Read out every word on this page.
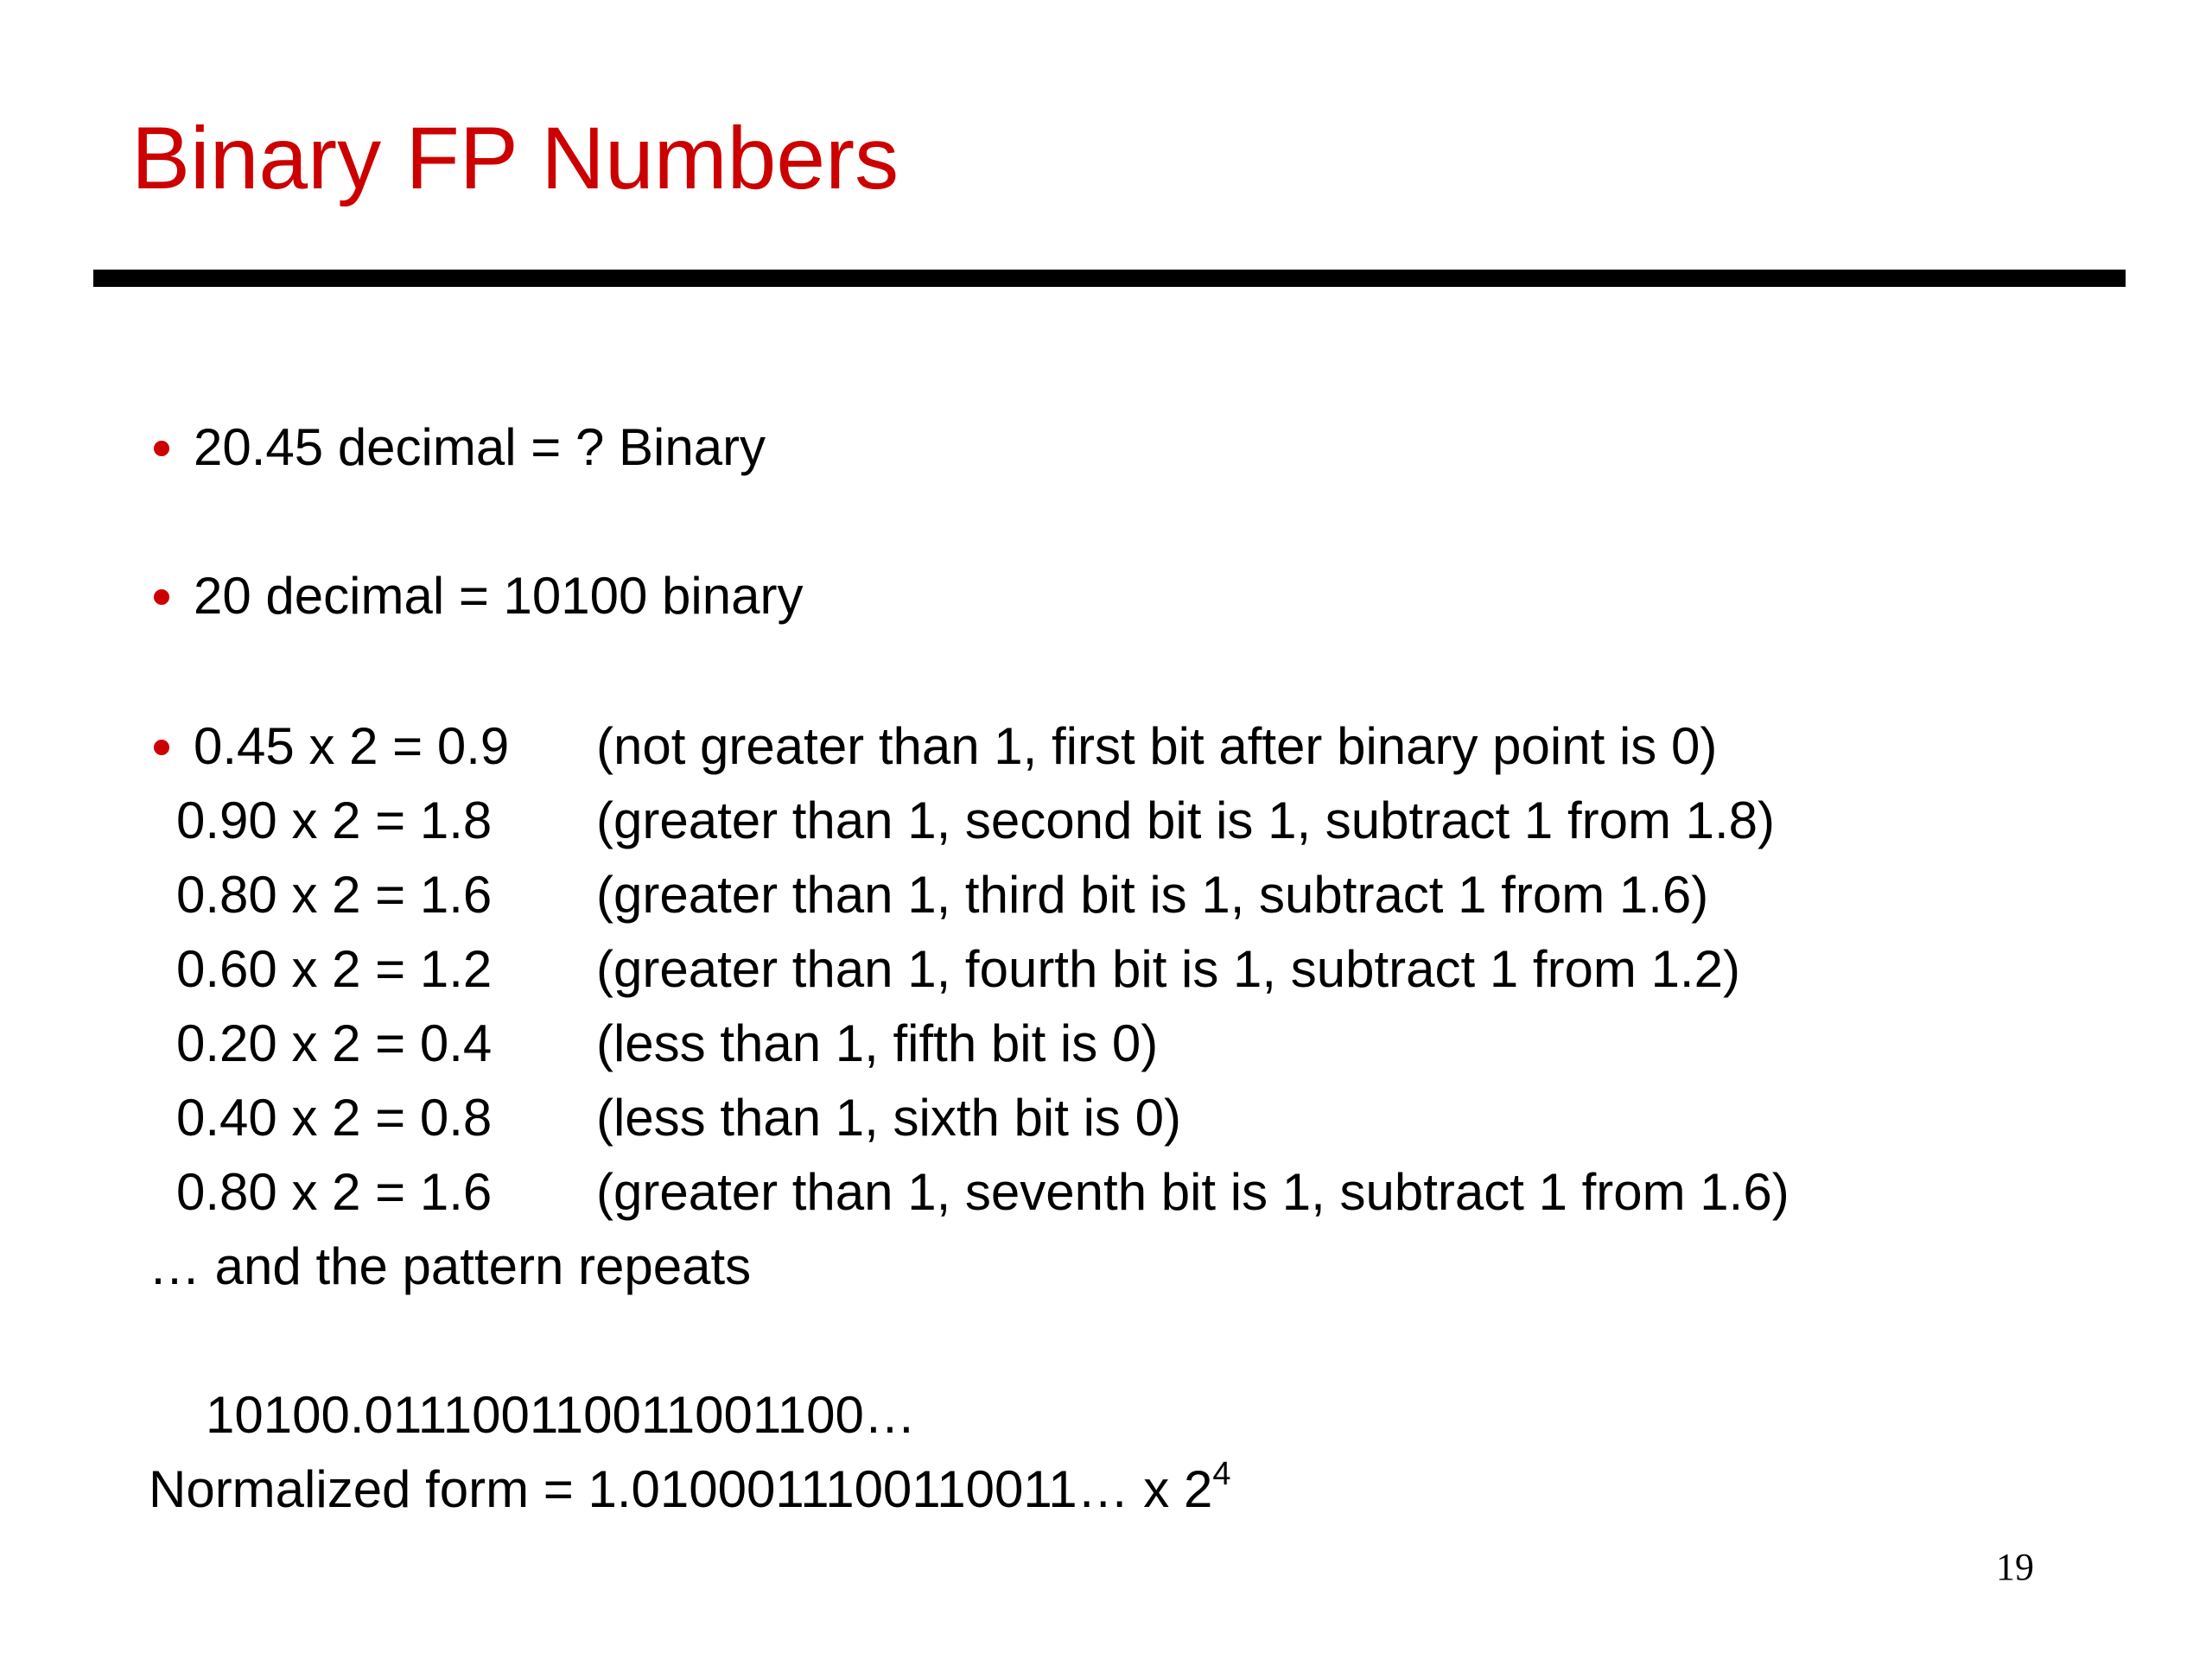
Binary FP Numbers
20.45 decimal = ? Binary
20 decimal = 10100 binary
0.45 x 2 = 0.9 (not greater than 1, first bit after binary point is 0)
0.90 x 2 = 1.8 (greater than 1, second bit is 1, subtract 1 from 1.8)
0.80 x 2 = 1.6 (greater than 1, third bit is 1, subtract 1 from 1.6)
0.60 x 2 = 1.2 (greater than 1, fourth bit is 1, subtract 1 from 1.2)
0.20 x 2 = 0.4 (less than 1, fifth bit is 0)
0.40 x 2 = 0.8 (less than 1, sixth bit is 0)
0.80 x 2 = 1.6 (greater than 1, seventh bit is 1, subtract 1 from 1.6)
… and the pattern repeats
10100.011100110011001100…
Normalized form = 1.0100011100110011… x $2^4$
19
